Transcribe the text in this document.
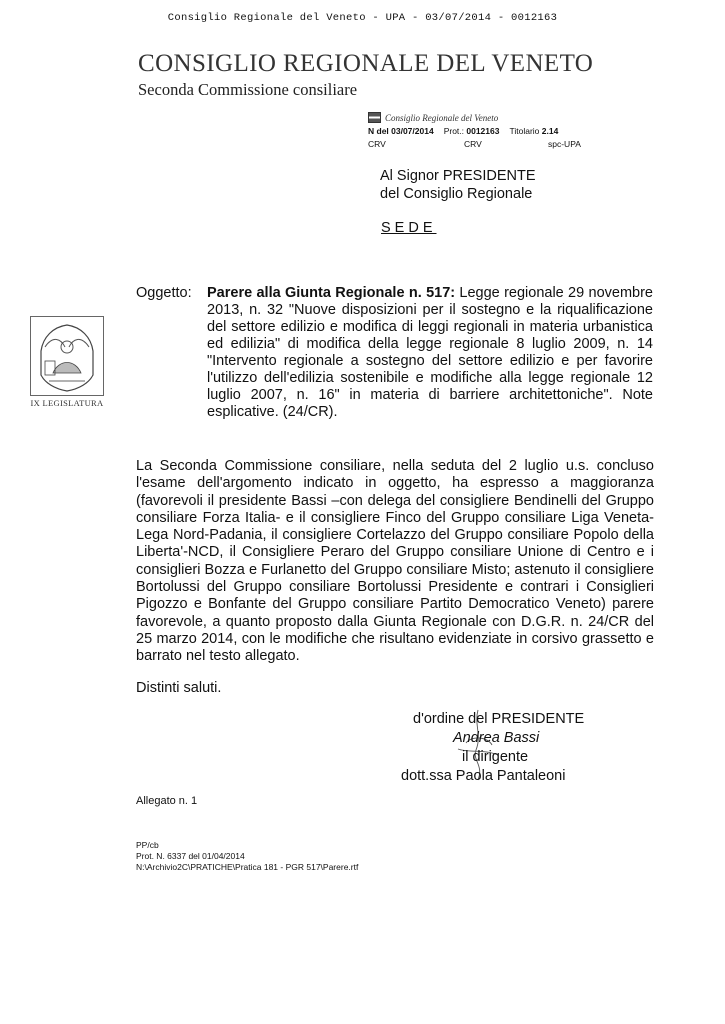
Consiglio Regionale del Veneto - UPA - 03/07/2014 - 0012163
CONSIGLIO REGIONALE DEL VENETO
Seconda Commissione consiliare
Consiglio Regionale del Veneto
N del 03/07/2014 Prot.: 0012163 Titolario 2.14
CRV	CRV	spc-UPA
Al Signor PRESIDENTE
del Consiglio Regionale
SEDE
IX LEGISLATURA
Oggetto: Parere alla Giunta Regionale n. 517: Legge regionale 29 novembre 2013, n. 32 "Nuove disposizioni per il sostegno e la riqualificazione del settore edilizio e modifica di leggi regionali in materia urbanistica ed edilizia" di modifica della legge regionale 8 luglio 2009, n. 14 "Intervento regionale a sostegno del settore edilizio e per favorire l'utilizzo dell'edilizia sostenibile e modifiche alla legge regionale 12 luglio 2007, n. 16" in materia di barriere architettoniche". Note esplicative. (24/CR).
La Seconda Commissione consiliare, nella seduta del 2 luglio u.s. concluso l'esame dell'argomento indicato in oggetto, ha espresso a maggioranza (favorevoli il presidente Bassi –con delega del consigliere Bendinelli del Gruppo consiliare Forza Italia- e il consigliere Finco del Gruppo consiliare Liga Veneta-Lega Nord-Padania, il consigliere Cortelazzo del Gruppo consiliare Popolo della Liberta'-NCD, il Consigliere Peraro del Gruppo consiliare Unione di Centro e i consiglieri Bozza e Furlanetto del Gruppo consiliare Misto; astenuto il consigliere Bortolussi del Gruppo consiliare Bortolussi Presidente e contrari i Consiglieri Pigozzo e Bonfante del Gruppo consiliare Partito Democratico Veneto) parere favorevole, a quanto proposto dalla Giunta Regionale con D.G.R. n. 24/CR del 25 marzo 2014, con le modifiche che risultano evidenziate in corsivo grassetto e barrato nel testo allegato.
Distinti saluti.
d'ordine del PRESIDENTE
Andrea Bassi
il dirigente
dott.ssa Paola Pantaleoni
Allegato n. 1
PP/cb
Prot. N. 6337 del 01/04/2014
N:\Archivio2C\PRATICHE\Pratica 181 - PGR 517\Parere.rtf
